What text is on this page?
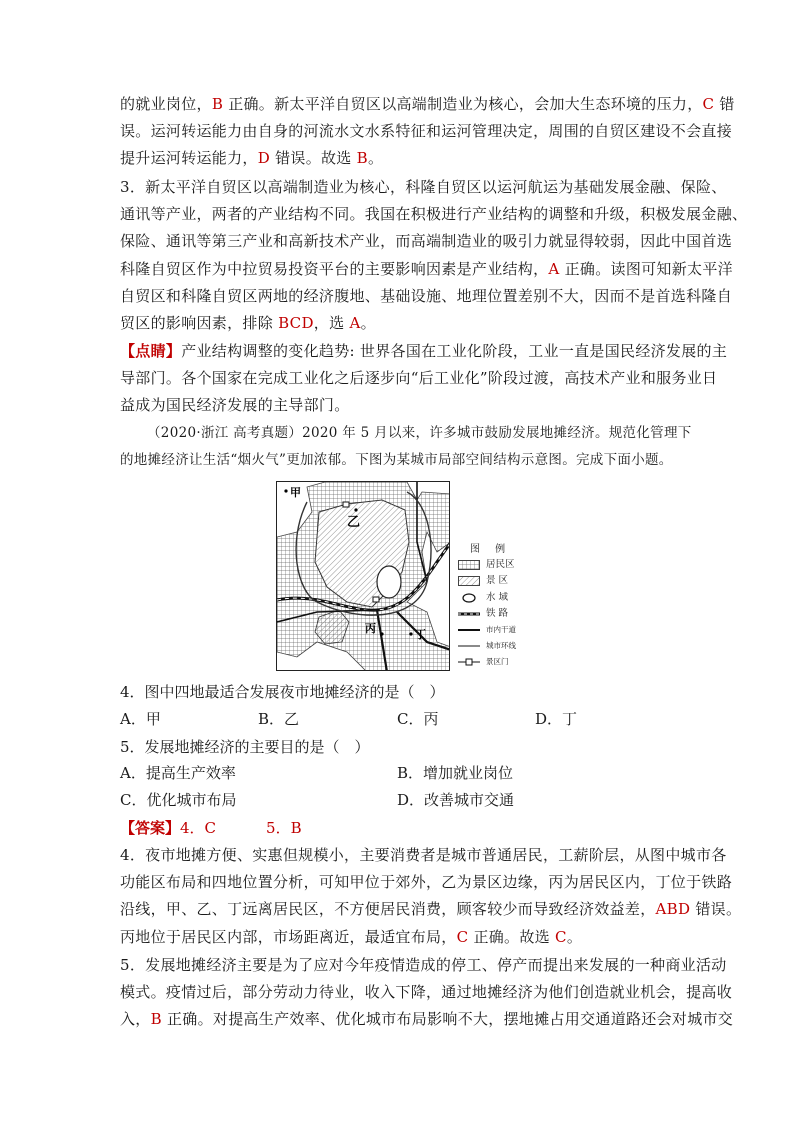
的就业岗位，B 正确。新太平洋自贸区以高端制造业为核心，会加大生态环境的压力，C 错
误。运河转运能力由自身的河流水文水系特征和运河管理决定，周围的自贸区建设不会直接
提升运河转运能力，D 错误。故选 B。
3．新太平洋自贸区以高端制造业为核心，科隆自贸区以运河航运为基础发展金融、保险、
通讯等产业，两者的产业结构不同。我国在积极进行产业结构的调整和升级，积极发展金融、
保险、通讯等第三产业和高新技术产业，而高端制造业的吸引力就显得较弱，因此中国首选
科隆自贸区作为中拉贸易投资平台的主要影响因素是产业结构，A 正确。读图可知新太平洋
自贸区和科隆自贸区两地的经济腹地、基础设施、地理位置差别不大，因而不是首选科隆自
贸区的影响因素，排除 BCD，选 A。
【点睛】产业结构调整的变化趋势: 世界各国在工业化阶段，工业一直是国民经济发展的主
导部门。各个国家在完成工业化之后逐步向“后工业化”阶段过渡，高技术产业和服务业日
益成为国民经济发展的主导部门。
（2020·浙江 高考真题）2020 年 5 月以来，许多城市鼓励发展地摊经济。规范化管理下
的地摊经济让生活“烟火气”更加浓郁。下图为某城市局部空间结构示意图。完成下面小题。
甲
乙
丙	丁
图 例
居民区
景 区
水 域
铁 路
市内干道
城市环线
景区门
4．图中四地最适合发展夜市地摊经济的是（　）
A．甲	B．乙	C．丙	D．丁
5．发展地摊经济的主要目的是（　）
A．提高生产效率	B．增加就业岗位
C．优化城市布局	D．改善城市交通
【答案】4．C	5．B
4．夜市地摊方便、实惠但规模小，主要消费者是城市普通居民，工薪阶层，从图中城市各
功能区布局和四地位置分析，可知甲位于郊外，乙为景区边缘，丙为居民区内，丁位于铁路
沿线，甲、乙、丁远离居民区，不方便居民消费，顾客较少而导致经济效益差，ABD 错误。
丙地位于居民区内部，市场距离近，最适宜布局，C 正确。故选 C。
5．发展地摊经济主要是为了应对今年疫情造成的停工、停产而提出来发展的一种商业活动
模式。疫情过后，部分劳动力待业，收入下降，通过地摊经济为他们创造就业机会，提高收
入，B 正确。对提高生产效率、优化城市布局影响不大，摆地摊占用交通道路还会对城市交
